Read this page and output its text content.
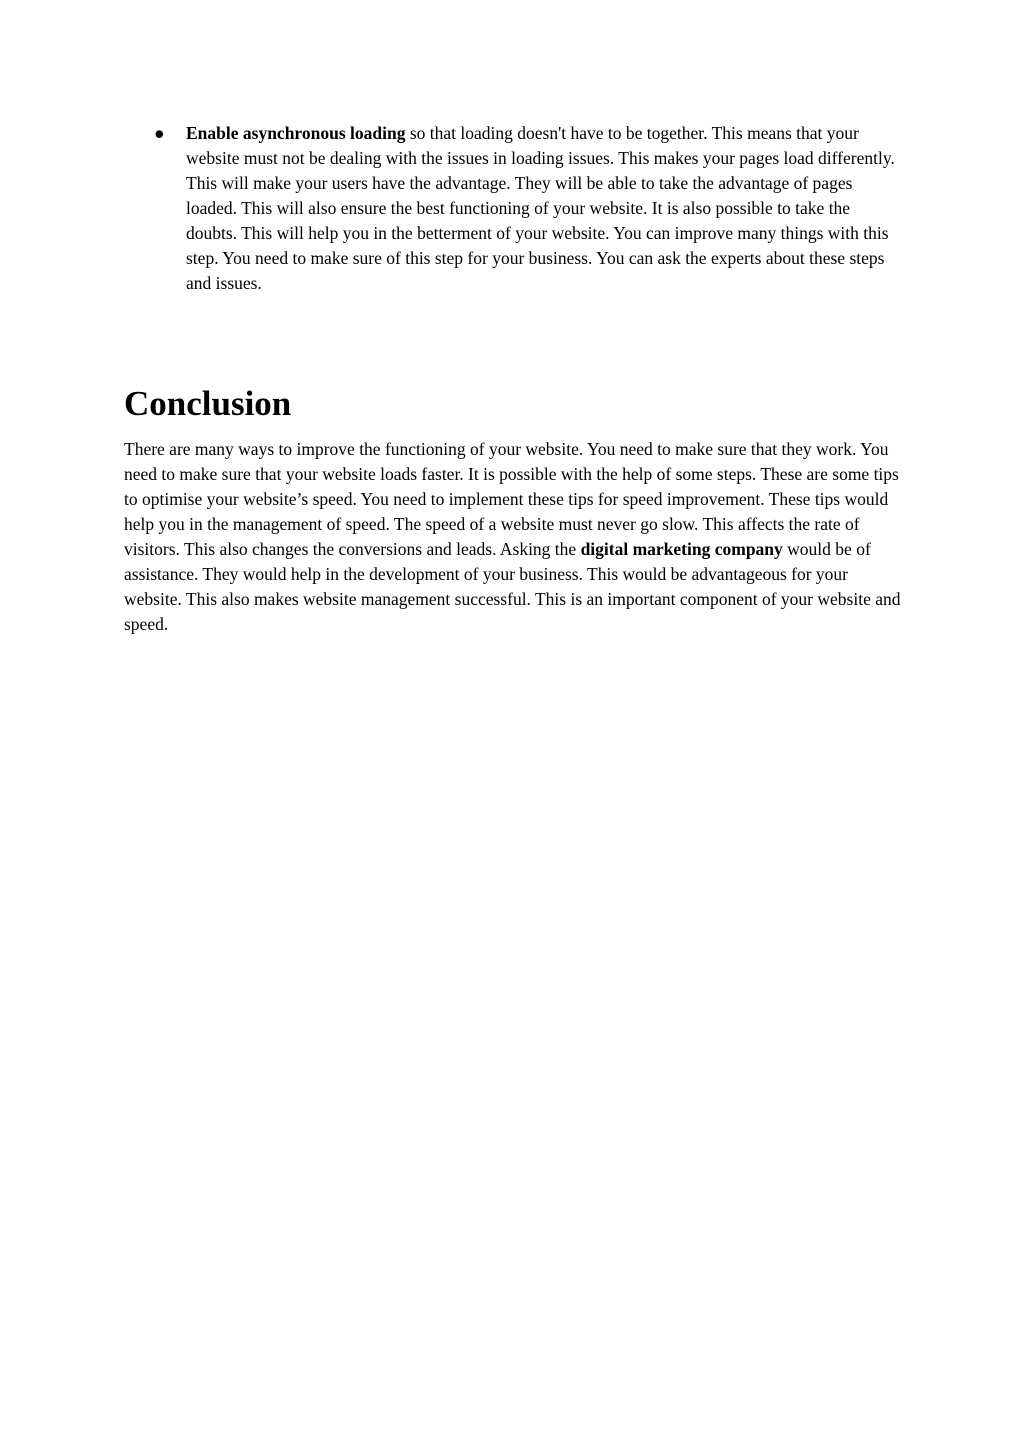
● Enable asynchronous loading so that loading doesn't have to be together. This means that your website must not be dealing with the issues in loading issues. This makes your pages load differently. This will make your users have the advantage. They will be able to take the advantage of pages loaded. This will also ensure the best functioning of your website. It is also possible to take the doubts. This will help you in the betterment of your website. You can improve many things with this step. You need to make sure of this step for your business. You can ask the experts about these steps and issues.
Conclusion

There are many ways to improve the functioning of your website. You need to make sure that they work. You need to make sure that your website loads faster. It is possible with the help of some steps. These are some tips to optimise your website’s speed. You need to implement these tips for speed improvement. These tips would help you in the management of speed. The speed of a website must never go slow. This affects the rate of visitors. This also changes the conversions and leads. Asking the digital marketing company would be of assistance. They would help in the development of your business. This would be advantageous for your website. This also makes website management successful. This is an important component of your website and speed.
